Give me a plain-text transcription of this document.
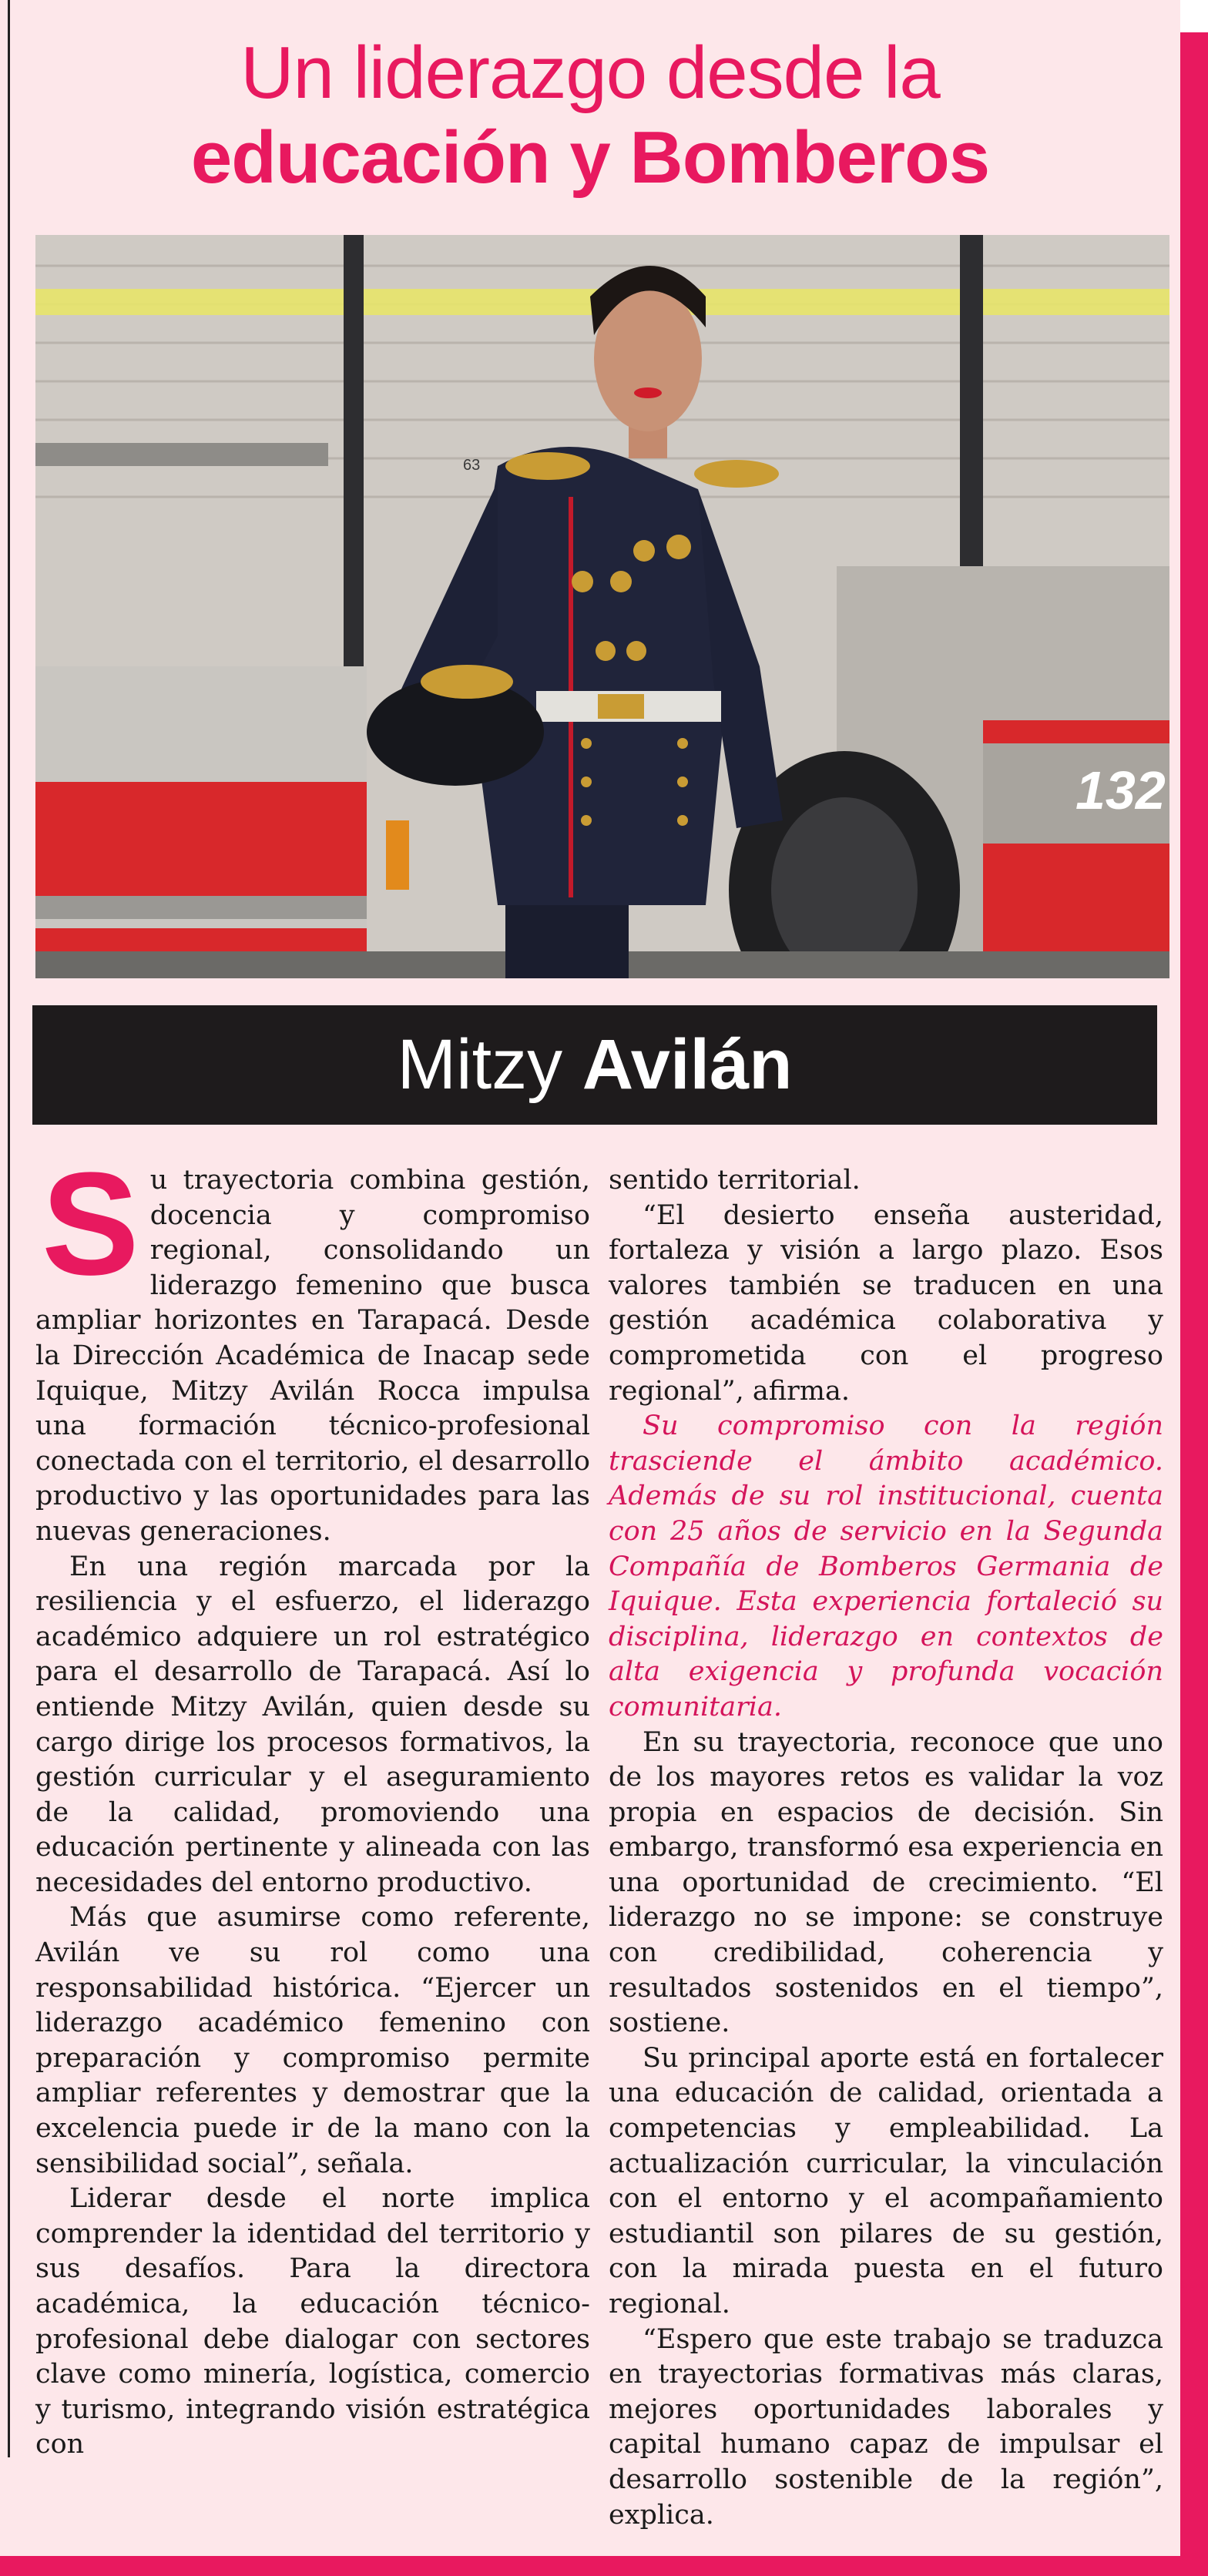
Un liderazgo desde la
educación y Bomberos
132
63
Mitzy Avilán

Su trayectoria combina gestión, docencia y compromiso regional, consolidando un liderazgo femenino que busca ampliar horizontes en Tarapacá. Desde la Dirección Académica de Inacap sede Iquique, Mitzy Avilán Rocca impulsa una formación técnico-profesional conectada con el territorio, el desarrollo productivo y las oportunidades para las nuevas generaciones.

En una región marcada por la resiliencia y el esfuerzo, el liderazgo académico adquiere un rol estratégico para el desarrollo de Tarapacá. Así lo entiende Mitzy Avilán, quien desde su cargo dirige los procesos formativos, la gestión curricular y el aseguramiento de la calidad, promoviendo una educación pertinente y alineada con las necesidades del entorno productivo.

Más que asumirse como referente, Avilán ve su rol como una responsabilidad histórica. “Ejercer un liderazgo académico femenino con preparación y compromiso permite ampliar referentes y demostrar que la excelencia puede ir de la mano con la sensibilidad social”, señala.

Liderar desde el norte implica comprender la identidad del territorio y sus desafíos. Para la directora académica, la educación técnico-profesional debe dialogar con sectores clave como minería, logística, comercio y turismo, integrando visión estratégica con

sentido territorial.

“El desierto enseña austeridad, fortaleza y visión a largo plazo. Esos valores también se traducen en una gestión académica colaborativa y comprometida con el progreso regional”, afirma.

Su compromiso con la región trasciende el ámbito académico. Además de su rol institucional, cuenta con 25 años de servicio en la Segunda Compañía de Bomberos Germania de Iquique. Esta experiencia fortaleció su disciplina, liderazgo en contextos de alta exigencia y profunda vocación comunitaria.

En su trayectoria, reconoce que uno de los mayores retos es validar la voz propia en espacios de decisión. Sin embargo, transformó esa experiencia en una oportunidad de crecimiento. “El liderazgo no se impone: se construye con credibilidad, coherencia y resultados sostenidos en el tiempo”, sostiene.

Su principal aporte está en fortalecer una educación de calidad, orientada a competencias y empleabilidad. La actualización curricular, la vinculación con el entorno y el acompañamiento estudiantil son pilares de su gestión, con la mirada puesta en el futuro regional.

“Espero que este trabajo se traduzca en trayectorias formativas más claras, mejores oportunidades laborales y capital humano capaz de impulsar el desarrollo sostenible de la región”, explica.
